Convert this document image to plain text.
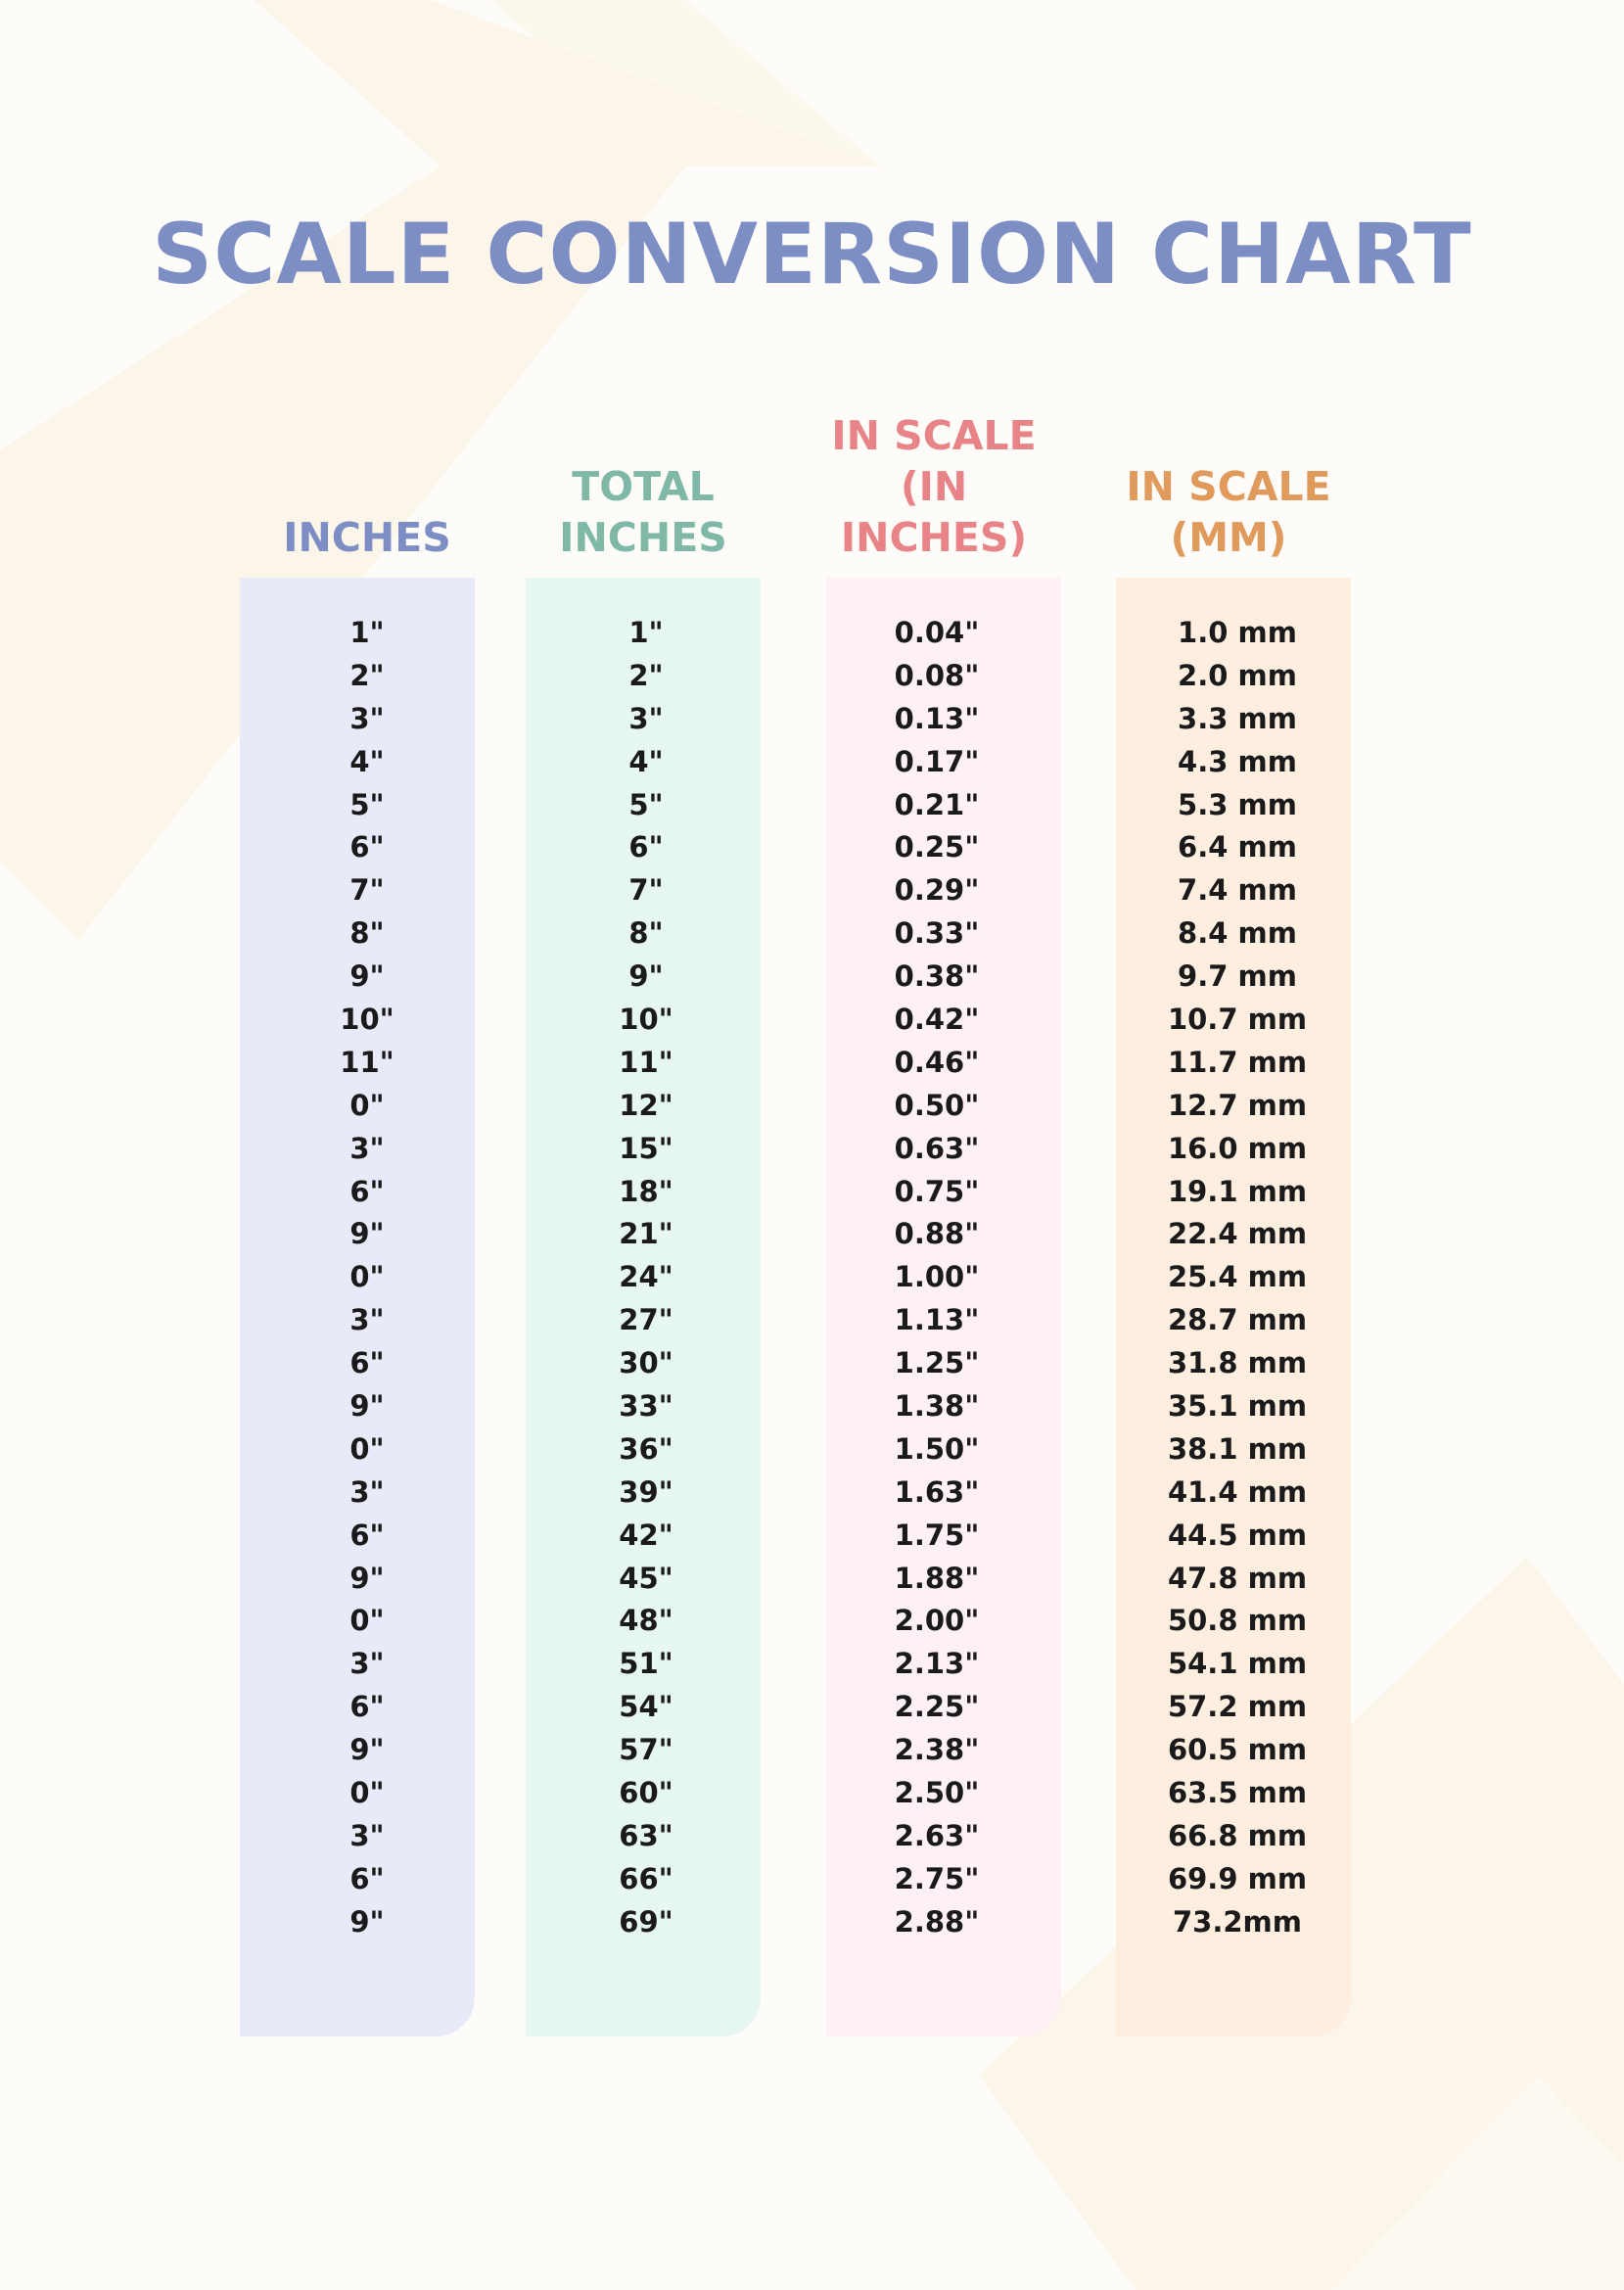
SCALE CONVERSION CHART
INCHES
1"
2"
3"
4"
5"
6"
7"
8"
9"
10"
11"
0"
3"
6"
9"
0"
3"
6"
9"
0"
3"
6"
9"
0"
3"
6"
9"
0"
3"
6"
9"
TOTAL
INCHES
1"
2"
3"
4"
5"
6"
7"
8"
9"
10"
11"
12"
15"
18"
21"
24"
27"
30"
33"
36"
39"
42"
45"
48"
51"
54"
57"
60"
63"
66"
69"
IN SCALE
(IN INCHES)
0.04"
0.08"
0.13"
0.17"
0.21"
0.25"
0.29"
0.33"
0.38"
0.42"
0.46"
0.50"
0.63"
0.75"
0.88"
1.00"
1.13"
1.25"
1.38"
1.50"
1.63"
1.75"
1.88"
2.00"
2.13"
2.25"
2.38"
2.50"
2.63"
2.75"
2.88"
IN SCALE
(MM)
1.0 mm
2.0 mm
3.3 mm
4.3 mm
5.3 mm
6.4 mm
7.4 mm
8.4 mm
9.7 mm
10.7 mm
11.7 mm
12.7 mm
16.0 mm
19.1 mm
22.4 mm
25.4 mm
28.7 mm
31.8 mm
35.1 mm
38.1 mm
41.4 mm
44.5 mm
47.8 mm
50.8 mm
54.1 mm
57.2 mm
60.5 mm
63.5 mm
66.8 mm
69.9 mm
73.2mm
